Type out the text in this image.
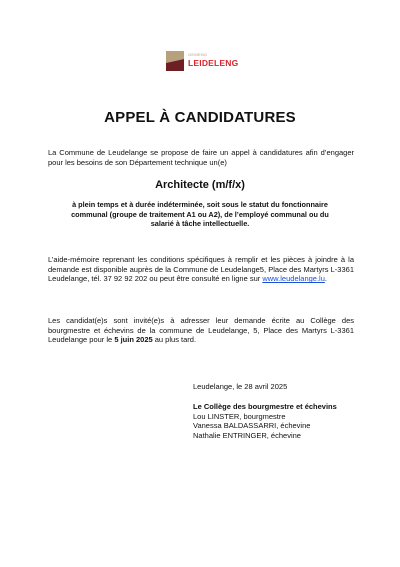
GEMENG
LEIDELENG
APPEL À CANDIDATURES
La Commune de Leudelange se propose de faire un appel à candidatures afin d’engager pour les besoins de son Département technique un(e)
Architecte (m/f/x)
à plein temps et à durée indéterminée, soit sous le statut du fonctionnaire communal (groupe de traitement A1 ou A2), de l’employé communal ou du salarié à tâche intellectuelle.
L’aide-mémoire reprenant les conditions spécifiques à remplir et les pièces à joindre à la demande est disponible auprès de la Commune de Leudelange5, Place des Martyrs L-3361 Leudelange, tél. 37 92 92 202 ou peut être consulté en ligne sur www.leudelange.lu.
Les candidat(e)s sont invité(e)s à adresser leur demande écrite au Collège des bourgmestre et échevins de la commune de Leudelange, 5, Place des Martyrs L-3361 Leudelange pour le 5 juin 2025 au plus tard.
Leudelange, le 28 avril 2025
Le Collège des bourgmestre et échevins
Lou LINSTER, bourgmestre
Vanessa BALDASSARRI, échevine
Nathalie ENTRINGER, échevine
